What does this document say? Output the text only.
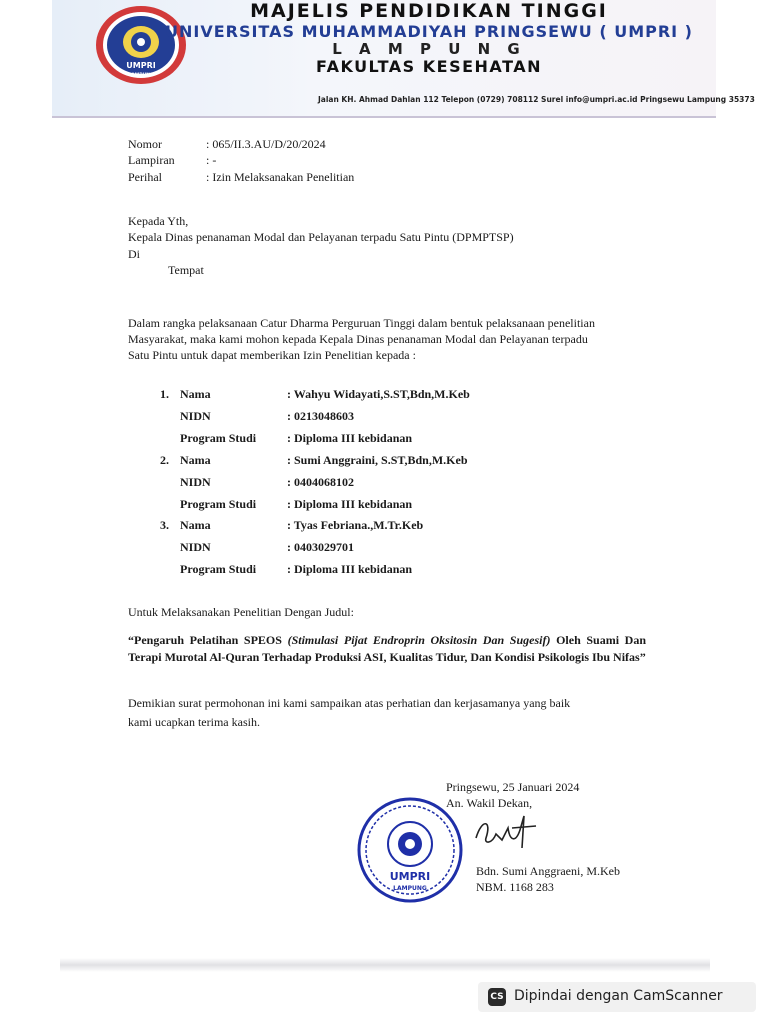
UMPRI
LAMPUNG
MAJELIS PENDIDIKAN TINGGI
UNIVERSITAS MUHAMMADIYAH PRINGSEWU ( UMPRI )
L A M P U N G
FAKULTAS KESEHATAN
Jalan KH. Ahmad Dahlan 112 Telepon (0729) 708112 Surel info@umpri.ac.id Pringsewu Lampung 35373
Nomor	: 065/II.3.AU/D/20/2024
Lampiran	: -
Perihal	: Izin Melaksanakan Penelitian
Kepada Yth,
Kepala Dinas penanaman Modal dan Pelayanan terpadu Satu Pintu (DPMPTSP)
Di
Tempat
Dalam rangka pelaksanaan Catur Dharma Perguruan Tinggi dalam bentuk pelaksanaan penelitian
Masyarakat, maka kami mohon kepada Kepala Dinas penanaman Modal dan Pelayanan terpadu
Satu Pintu untuk dapat memberikan Izin Penelitian kepada :
1. Nama	: Wahyu Widayati,S.ST,Bdn,M.Keb
NIDN	: 0213048603
Program Studi	: Diploma III kebidanan
2. Nama	: Sumi Anggraini, S.ST,Bdn,M.Keb
NIDN	: 0404068102
Program Studi	: Diploma III kebidanan
3. Nama	: Tyas Febriana.,M.Tr.Keb
NIDN	: 0403029701
Program Studi	: Diploma III kebidanan
Untuk Melaksanakan Penelitian Dengan Judul:
“Pengaruh Pelatihan SPEOS (Stimulasi Pijat Endroprin Oksitosin Dan Sugesif) Oleh Suami Dan Terapi Murotal Al-Quran Terhadap Produksi ASI, Kualitas Tidur, Dan Kondisi Psikologis Ibu Nifas”
Demikian surat permohonan ini kami sampaikan atas perhatian dan kerjasamanya yang baik
kami ucapkan terima kasih.
Pringsewu, 25 Januari 2024
An. Wakil Dekan,
UMPRI
LAMPUNG
Bdn. Sumi Anggraeni, M.Keb
NBM. 1168 283
CS Dipindai dengan CamScanner
